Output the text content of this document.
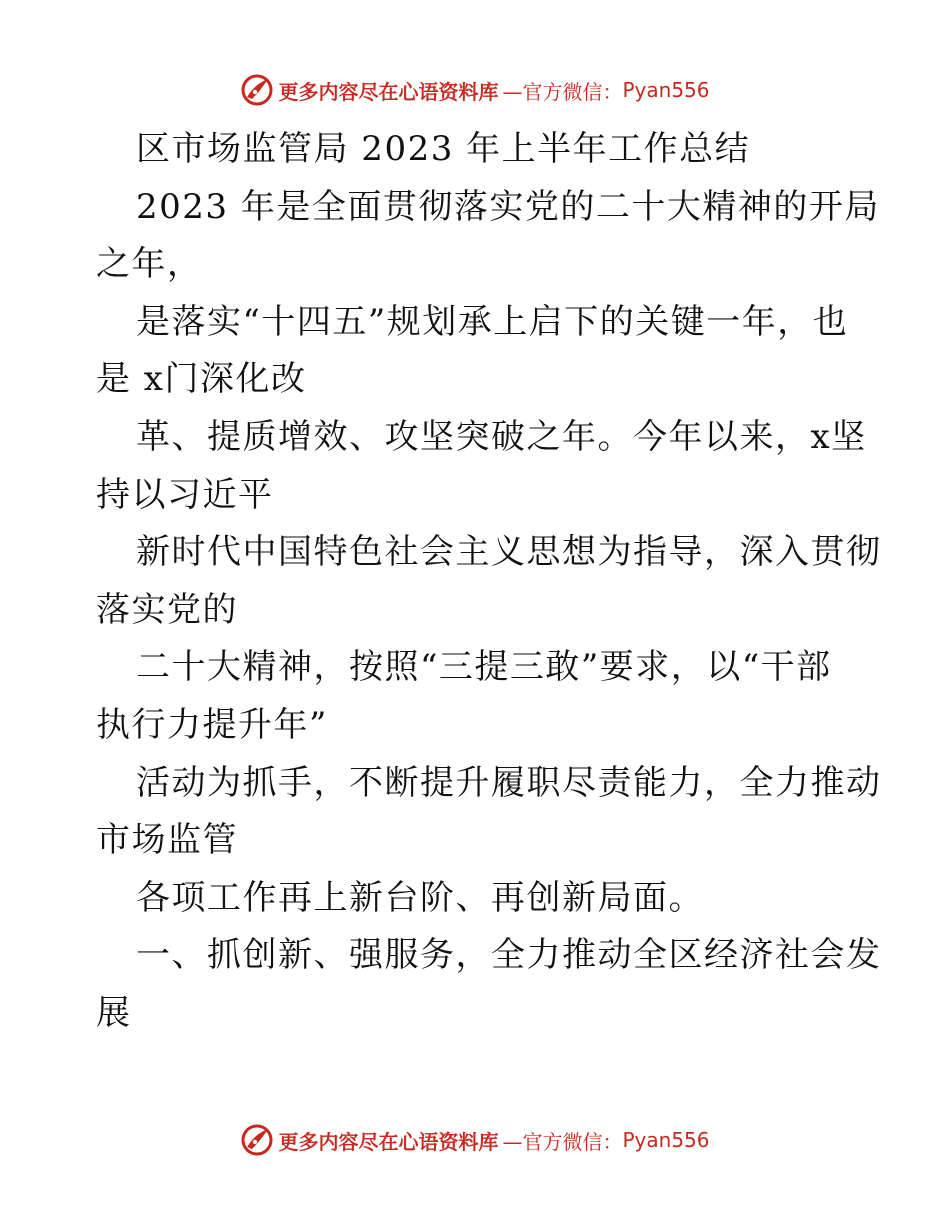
更多内容尽在心语资料库 —官方微信： Pyan556
区市场监管局 2023 年上半年工作总结
2023 年是全面贯彻落实党的二十大精神的开局
之年，
是落实“十四五”规划承上启下的关键一年，也
是 x门深化改
革、提质增效、攻坚突破之年。今年以来，x坚
持以习近平
新时代中国特色社会主义思想为指导，深入贯彻
落实党的
二十大精神，按照“三提三敢”要求，以“干部
执行力提升年”
活动为抓手，不断提升履职尽责能力，全力推动
市场监管
各项工作再上新台阶、再创新局面。
一、抓创新、强服务，全力推动全区经济社会发
展
更多内容尽在心语资料库 —官方微信： Pyan556
